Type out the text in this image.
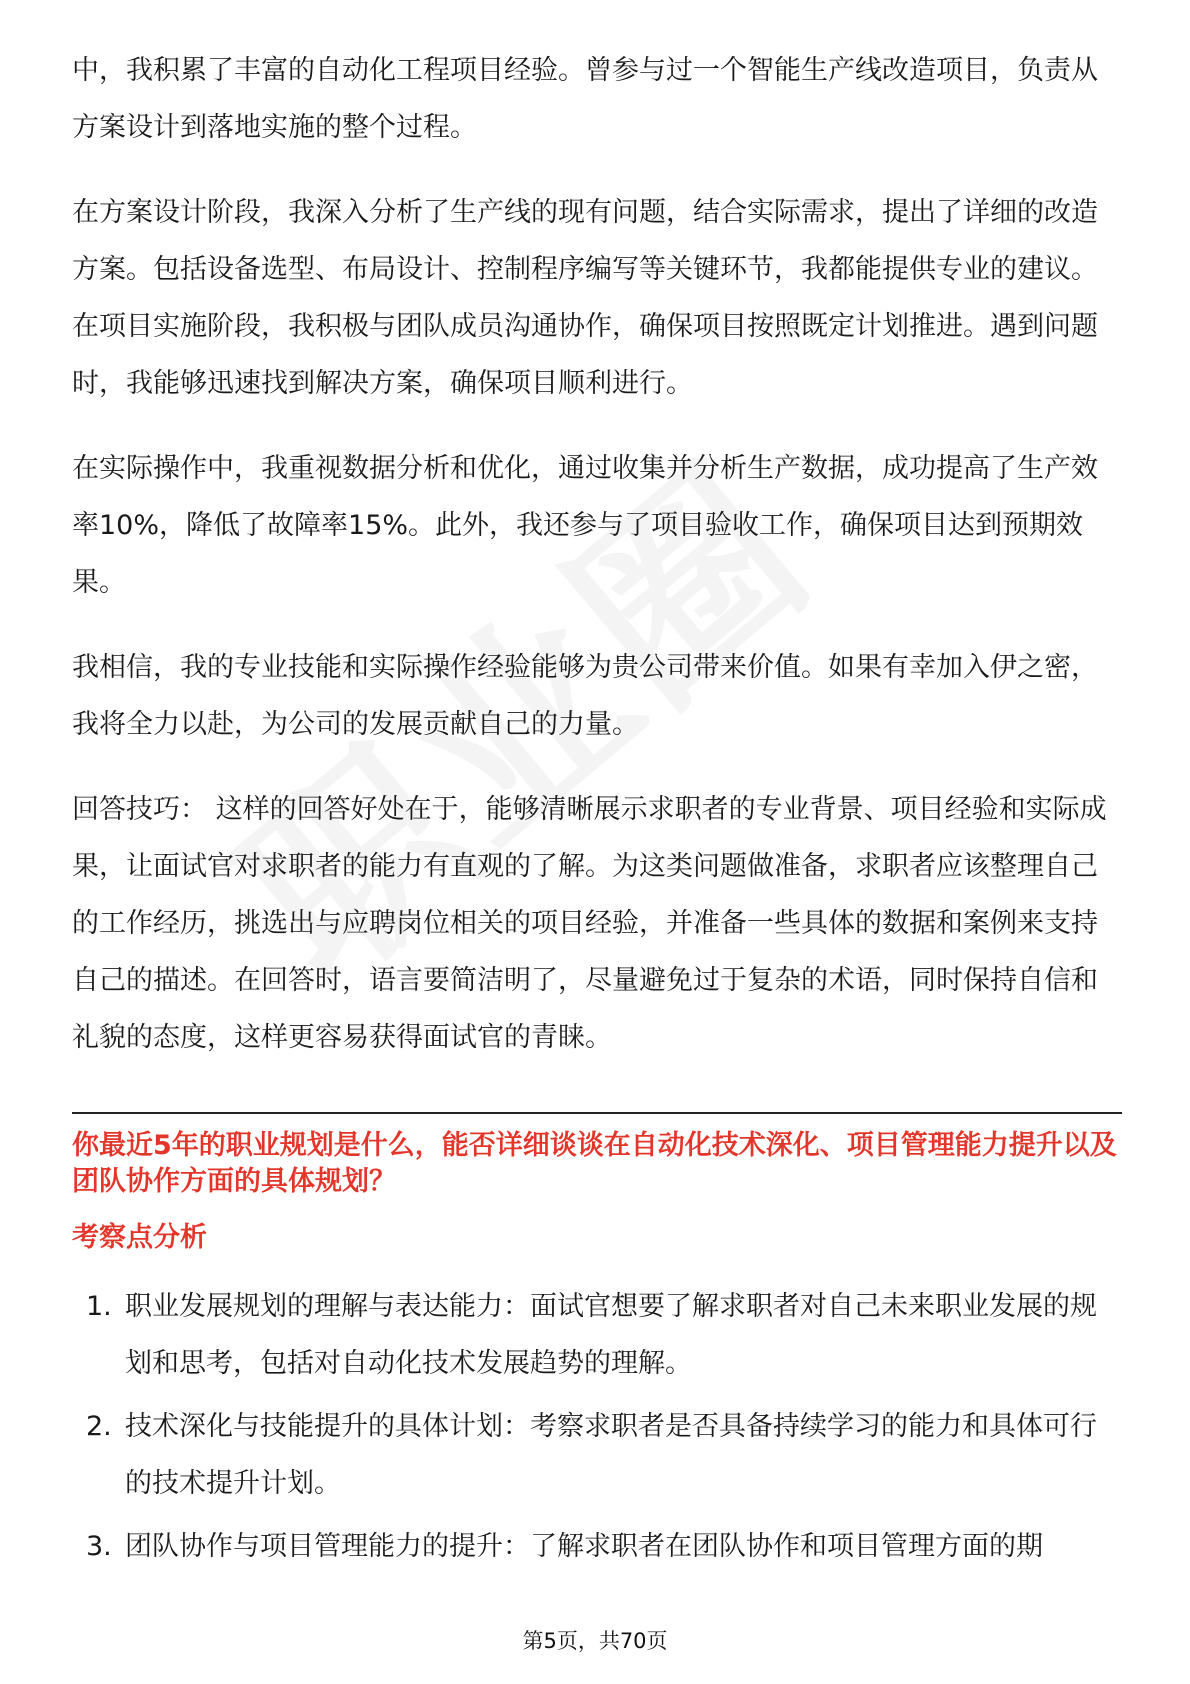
中，我积累了丰富的自动化工程项目经验。曾参与过一个智能生产线改造项目，负责从方案设计到落地实施的整个过程。

在方案设计阶段，我深入分析了生产线的现有问题，结合实际需求，提出了详细的改造方案。包括设备选型、布局设计、控制程序编写等关键环节，我都能提供专业的建议。在项目实施阶段，我积极与团队成员沟通协作，确保项目按照既定计划推进。遇到问题时，我能够迅速找到解决方案，确保项目顺利进行。

在实际操作中，我重视数据分析和优化，通过收集并分析生产数据，成功提高了生产效率10%，降低了故障率15%。此外，我还参与了项目验收工作，确保项目达到预期效果。

我相信，我的专业技能和实际操作经验能够为贵公司带来价值。如果有幸加入伊之密，我将全力以赴，为公司的发展贡献自己的力量。

回答技巧： 这样的回答好处在于，能够清晰展示求职者的专业背景、项目经验和实际成果，让面试官对求职者的能力有直观的了解。为这类问题做准备，求职者应该整理自己的工作经历，挑选出与应聘岗位相关的项目经验，并准备一些具体的数据和案例来支持自己的描述。在回答时，语言要简洁明了，尽量避免过于复杂的术语，同时保持自信和礼貌的态度，这样更容易获得面试官的青睐。

你最近5年的职业规划是什么，能否详细谈谈在自动化技术深化、项目管理能力提升以及团队协作方面的具体规划？
考察点分析
1. 职业发展规划的理解与表达能力：面试官想要了解求职者对自己未来职业发展的规划和思考，包括对自动化技术发展趋势的理解。
2. 技术深化与技能提升的具体计划：考察求职者是否具备持续学习的能力和具体可行的技术提升计划。
3. 团队协作与项目管理能力的提升：了解求职者在团队协作和项目管理方面的期
第5页，共70页
